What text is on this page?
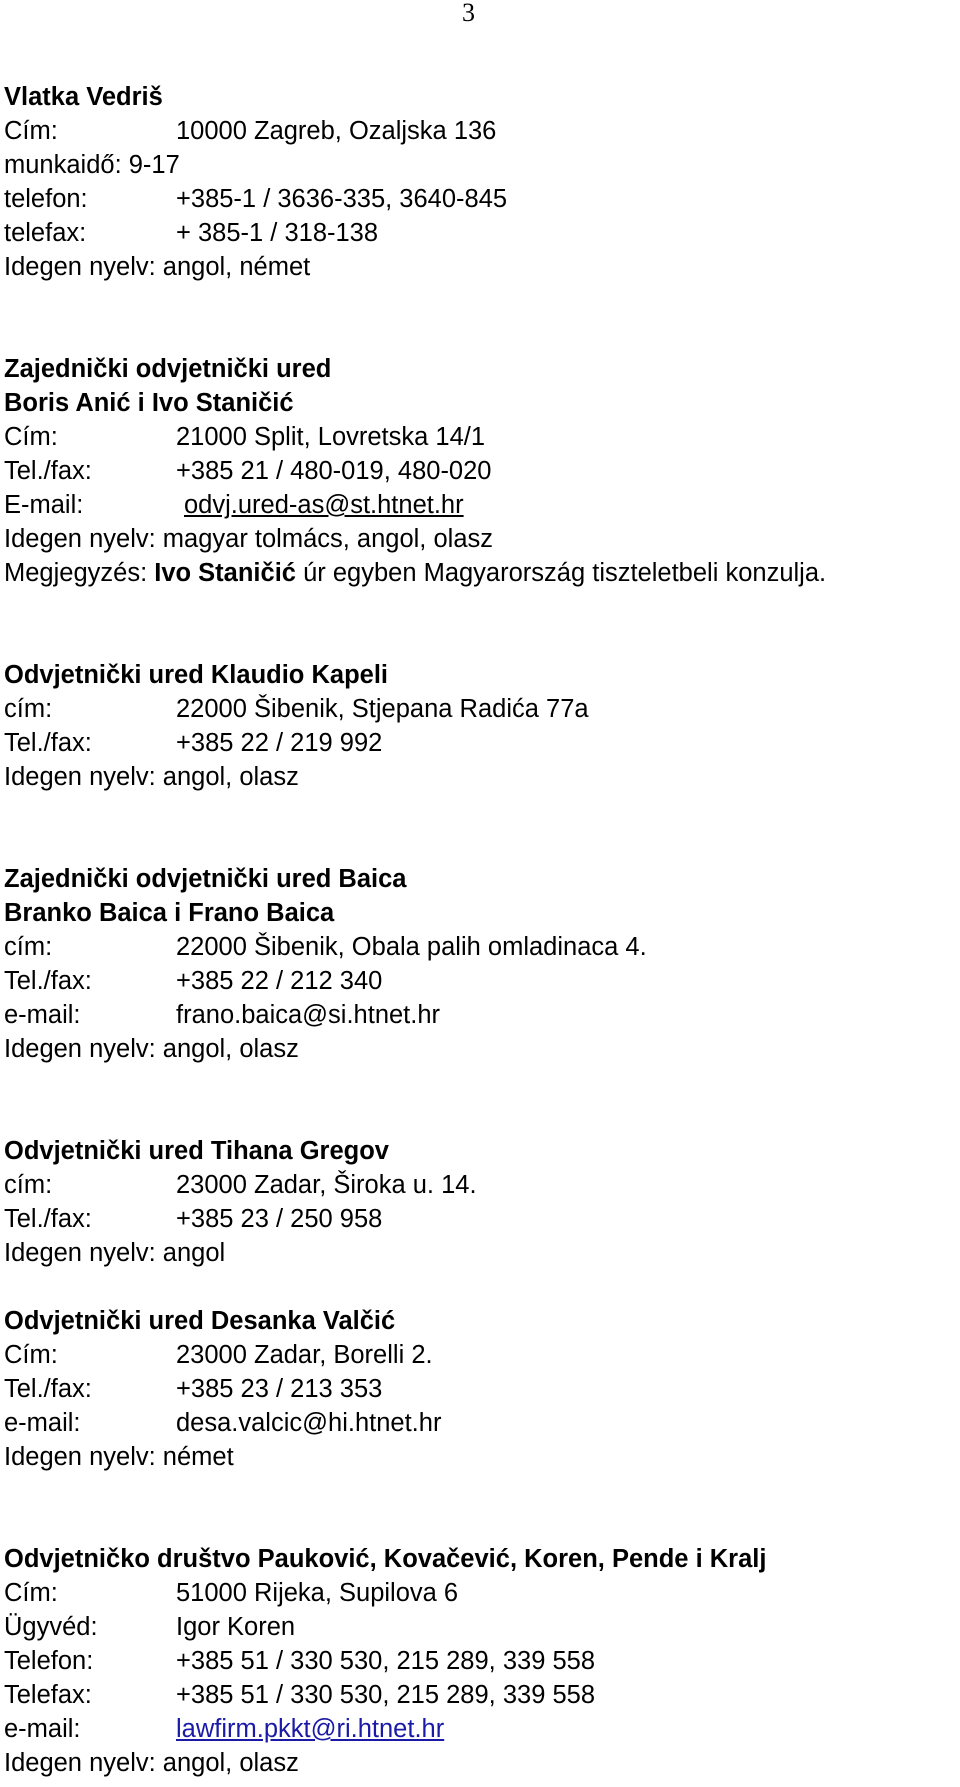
3
Vlatka Vedriš
Cím:	10000 Zagreb, Ozaljska 136
munkaidő: 9-17
telefon:	+385-1 / 3636-335, 3640-845
telefax:	+ 385-1 / 318-138
Idegen nyelv: angol, német
Zajednički odvjetnički ured
Boris Anić i Ivo Staničić
Cím:	21000 Split, Lovretska 14/1
Tel./fax:	+385 21 / 480-019, 480-020
E-mail:	odvj.ured-as@st.htnet.hr
Idegen nyelv: magyar tolmács, angol, olasz
Megjegyzés: Ivo Staničić úr egyben Magyarország tiszteletbeli konzulja.
Odvjetnički ured Klaudio Kapeli
cím:	22000 Šibenik, Stjepana Radića 77a
Tel./fax:	+385 22 / 219 992
Idegen nyelv: angol, olasz
Zajednički odvjetnički ured Baica
Branko Baica i Frano Baica
cím:	22000 Šibenik, Obala palih omladinaca 4.
Tel./fax:	+385 22 / 212 340
e-mail:	frano.baica@si.htnet.hr
Idegen nyelv: angol, olasz
Odvjetnički ured Tihana Gregov
cím:	23000 Zadar, Široka u. 14.
Tel./fax:	+385 23 / 250 958
Idegen nyelv: angol
Odvjetnički ured Desanka Valčić
Cím:	23000 Zadar, Borelli 2.
Tel./fax:	+385 23 / 213 353
e-mail:	desa.valcic@hi.htnet.hr
Idegen nyelv: német
Odvjetničko društvo Pauković, Kovačević, Koren, Pende i Kralj
Cím:	51000 Rijeka, Supilova 6
Ügyvéd:	Igor Koren
Telefon:	+385 51 / 330 530, 215 289, 339 558
Telefax:	+385 51 / 330 530, 215 289, 339 558
e-mail:	lawfirm.pkkt@ri.htnet.hr
Idegen nyelv: angol, olasz
